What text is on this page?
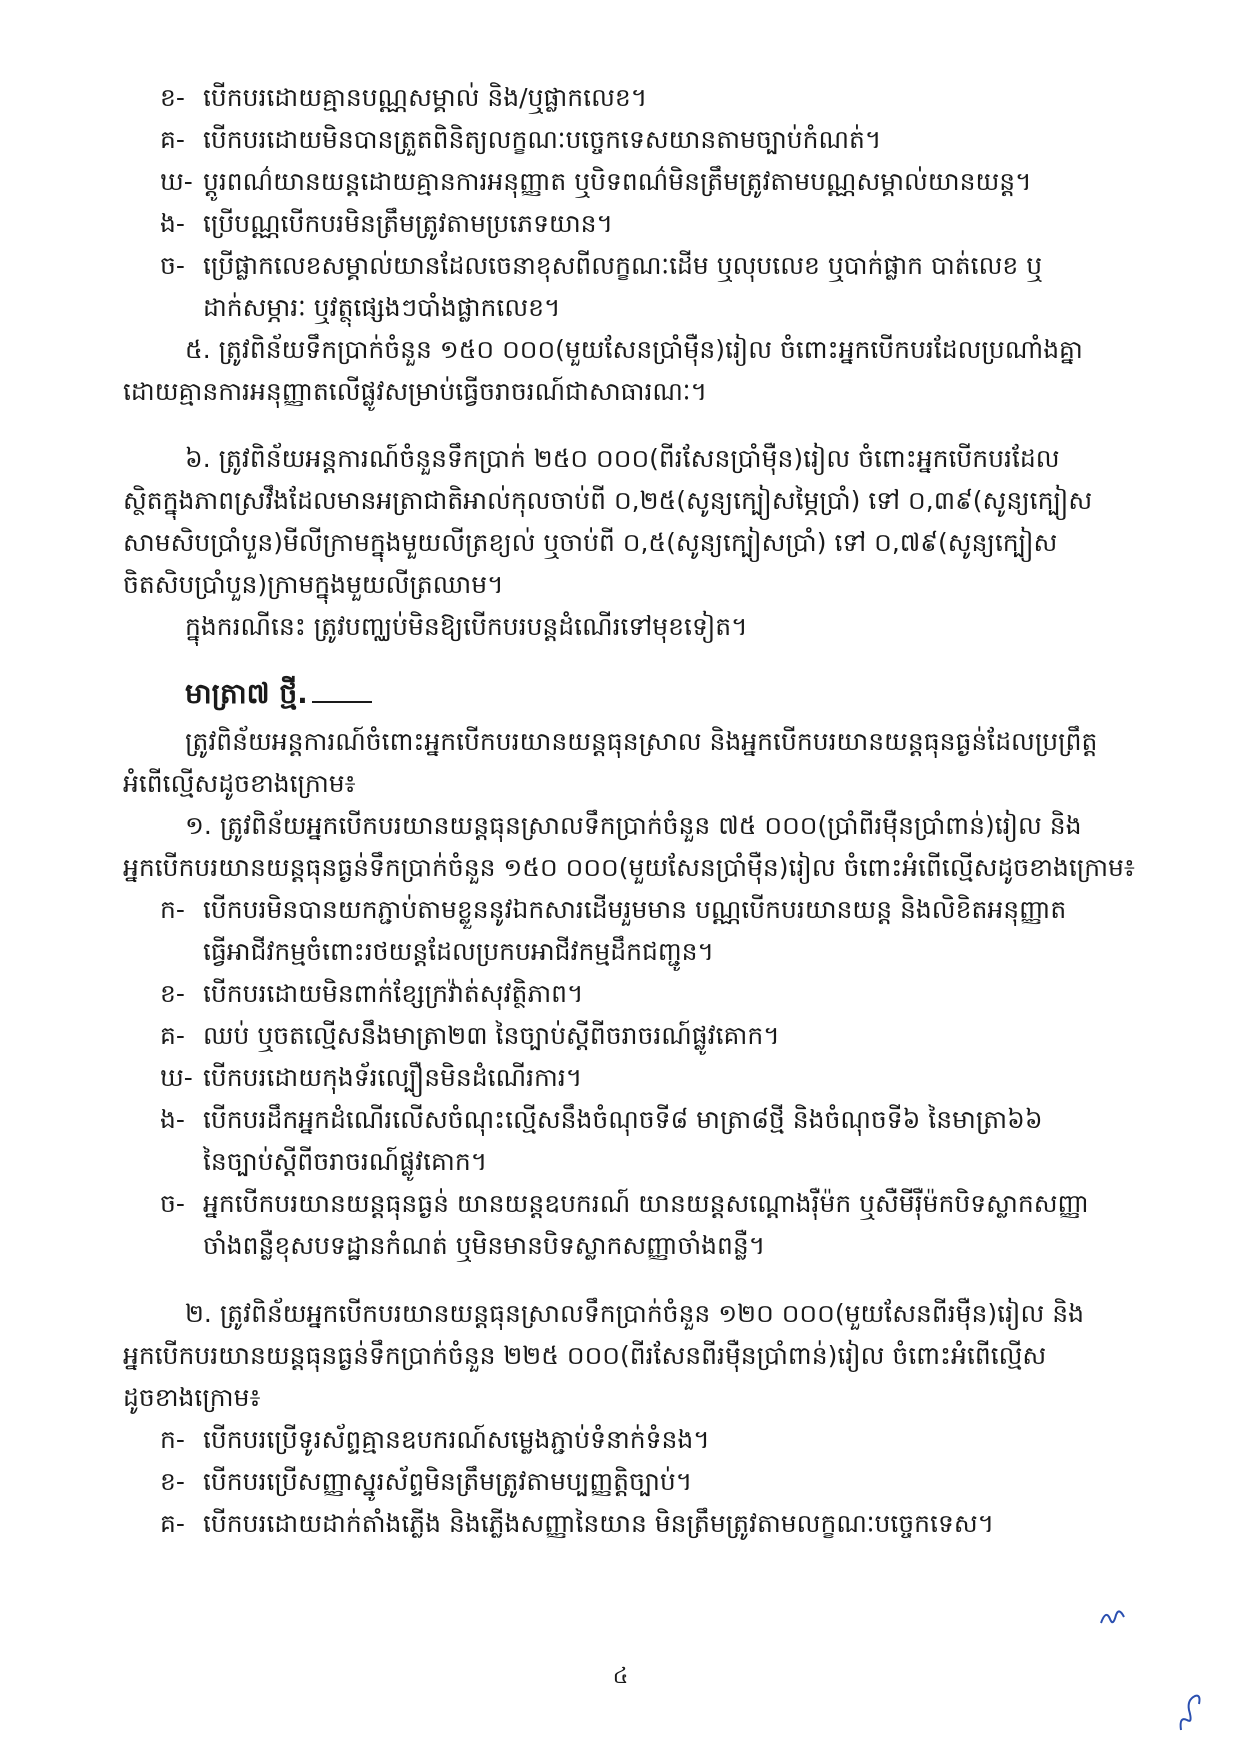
ខ- បើកបរដោយគ្មានបណ្ណសម្គាល់ និង/ឬផ្លាកលេខ។
គ- បើកបរដោយមិនបានត្រួតពិនិត្យលក្ខណៈបច្ចេកទេសយានតាមច្បាប់កំណត់។
ឃ- ប្ដូរពណ៌យានយន្តដោយគ្មានការអនុញ្ញាត ឬបិទពណ៌មិនត្រឹមត្រូវតាមបណ្ណសម្គាល់យានយន្ត។
ង- ប្រើបណ្ណបើកបរមិនត្រឹមត្រូវតាមប្រភេទយាន។
ច- ប្រើផ្លាកលេខសម្គាល់យានដែលចេនាខុសពីលក្ខណៈដើម ឬលុបលេខ ឬបាក់ផ្លាក បាត់លេខ ឬ
ដាក់សម្ភារៈ ឬវត្ថុផ្សេងៗបាំងផ្លាកលេខ។
៥. ត្រូវពិន័យទឹកប្រាក់ចំនួន ១៥០ ០០០(មួយសែនប្រាំម៉ឺន)រៀល ចំពោះអ្នកបើកបរដែលប្រណាំងគ្នា
ដោយគ្មានការអនុញ្ញាតលើផ្លូវសម្រាប់ធ្វើចរាចរណ៍ជាសាធារណៈ។
៦. ត្រូវពិន័យអន្តការណ៍ចំនួនទឹកប្រាក់ ២៥០ ០០០(ពីរសែនប្រាំម៉ឺន)រៀល ចំពោះអ្នកបើកបរដែល
ស្ថិតក្នុងភាពស្រវឹងដែលមានអត្រាជាតិអាល់កុលចាប់ពី ០,២៥(សូន្យក្បៀសម្ភៃប្រាំ) ទៅ ០,៣៩(សូន្យក្បៀស
សាមសិបប្រាំបួន)មីលីក្រាមក្នុងមួយលីត្រខ្យល់ ឬចាប់ពី ០,៥(សូន្យក្បៀសប្រាំ) ទៅ ០,៧៩(សូន្យក្បៀស
ចិតសិបប្រាំបួន)ក្រាមក្នុងមួយលីត្រឈាម។
ក្នុងករណីនេះ ត្រូវបញ្ឈប់មិនឱ្យបើកបរបន្តដំណើរទៅមុខទៀត។
មាត្រា៧ ថ្មី.
ត្រូវពិន័យអន្តការណ៍ចំពោះអ្នកបើកបរយានយន្តធុនស្រាល និងអ្នកបើកបរយានយន្តធុនធ្ងន់ដែលប្រព្រឹត្ត
អំពើល្មើសដូចខាងក្រោម៖
១. ត្រូវពិន័យអ្នកបើកបរយានយន្តធុនស្រាលទឹកប្រាក់ចំនួន ៧៥ ០០០(ប្រាំពីរម៉ឺនប្រាំពាន់)រៀល និង
អ្នកបើកបរយានយន្តធុនធ្ងន់ទឹកប្រាក់ចំនួន ១៥០ ០០០(មួយសែនប្រាំម៉ឺន)រៀល ចំពោះអំពើល្មើសដូចខាងក្រោម៖
ក- បើកបរមិនបានយកភ្ជាប់តាមខ្លួននូវឯកសារដើមរួមមាន បណ្ណបើកបរយានយន្ត និងលិខិតអនុញ្ញាត
ធ្វើអាជីវកម្មចំពោះរថយន្តដែលប្រកបអាជីវកម្មដឹកជញ្ជូន។
ខ- បើកបរដោយមិនពាក់ខ្សែក្រវ៉ាត់សុវត្ថិភាព។
គ- ឈប់ ឬចតល្មើសនឹងមាត្រា២៣ នៃច្បាប់ស្ដីពីចរាចរណ៍ផ្លូវគោក។
ឃ- បើកបរដោយកុងទ័រល្បឿនមិនដំណើរការ។
ង- បើកបរដឹកអ្នកដំណើរលើសចំណុះល្មើសនឹងចំណុចទី៨ មាត្រា៨ថ្មី និងចំណុចទី៦ នៃមាត្រា៦៦
នៃច្បាប់ស្ដីពីចរាចរណ៍ផ្លូវគោក។
ច- អ្នកបើកបរយានយន្តធុនធ្ងន់ យានយន្តឧបករណ៍ យានយន្តសណ្ដោងរ៉ឺម៉ក ឬសឺមីរ៉ឺម៉កបិទស្លាកសញ្ញា
ចាំងពន្លឺខុសបទដ្ឋានកំណត់ ឬមិនមានបិទស្លាកសញ្ញាចាំងពន្លឺ។
២. ត្រូវពិន័យអ្នកបើកបរយានយន្តធុនស្រាលទឹកប្រាក់ចំនួន ១២០ ០០០(មួយសែនពីរម៉ឺន)រៀល និង
អ្នកបើកបរយានយន្តធុនធ្ងន់ទឹកប្រាក់ចំនួន ២២៥ ០០០(ពីរសែនពីរម៉ឺនប្រាំពាន់)រៀល ចំពោះអំពើល្មើស
ដូចខាងក្រោម៖
ក- បើកបរប្រើទូរស័ព្ទគ្មានឧបករណ៍សម្លេងភ្ជាប់ទំនាក់ទំនង។
ខ- បើកបរប្រើសញ្ញាស្នូរស័ព្ទមិនត្រឹមត្រូវតាមប្បញ្ញត្តិច្បាប់។
គ- បើកបរដោយដាក់តាំងភ្លើង និងភ្លើងសញ្ញានៃយាន មិនត្រឹមត្រូវតាមលក្ខណៈបច្ចេកទេស។
៤
